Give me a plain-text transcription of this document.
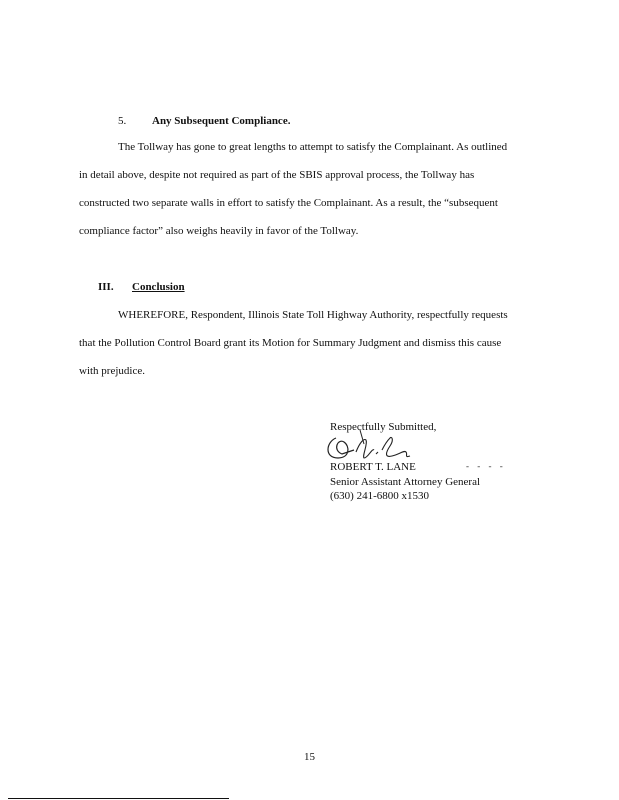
5. Any Subsequent Compliance.
The Tollway has gone to great lengths to attempt to satisfy the Complainant. As outlined
in detail above, despite not required as part of the SBIS approval process, the Tollway has
constructed two separate walls in effort to satisfy the Complainant. As a result, the “subsequent
compliance factor” also weighs heavily in favor of the Tollway.
III. Conclusion
WHEREFORE, Respondent, Illinois State Toll Highway Authority, respectfully requests
that the Pollution Control Board grant its Motion for Summary Judgment and dismiss this cause
with prejudice.
Respectfully Submitted,
ROBERT T. LANE	- - - -
Senior Assistant Attorney General
(630) 241-6800 x1530
15
